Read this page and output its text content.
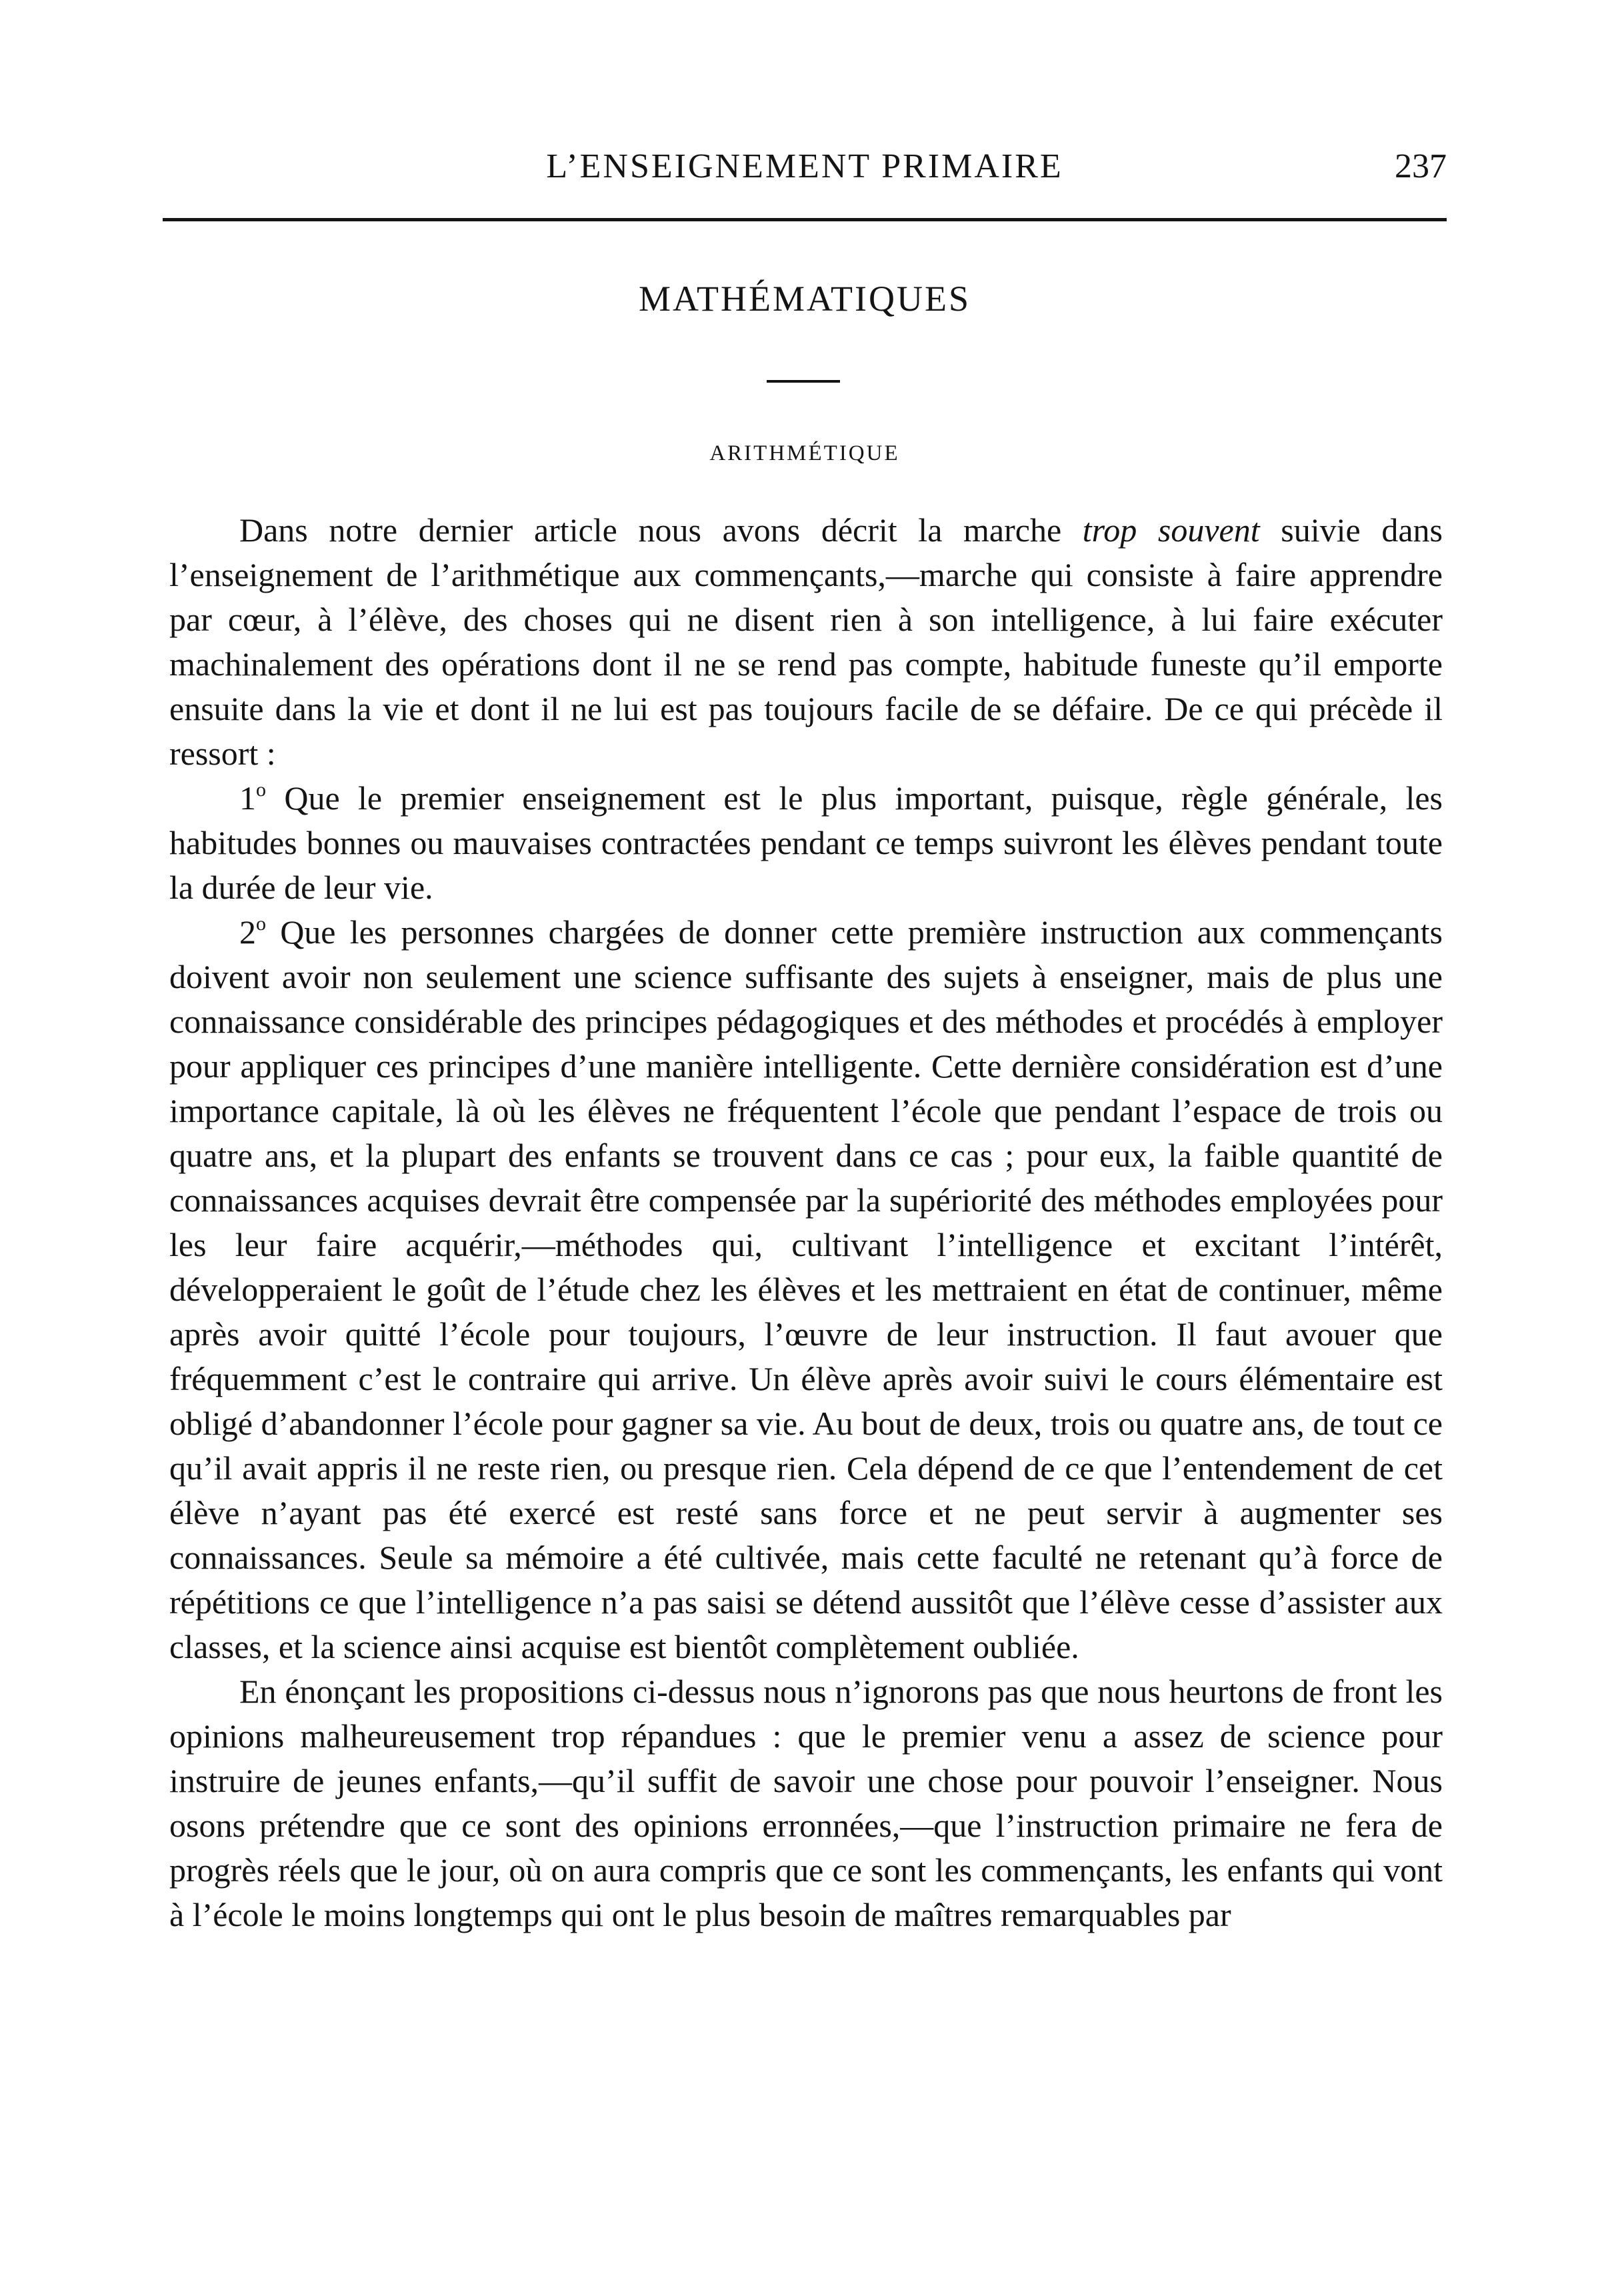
L’ENSEIGNEMENT PRIMAIRE	237
MATHÉMATIQUES
ARITHMÉTIQUE

Dans notre dernier article nous avons décrit la marche trop souvent suivie dans l’enseignement de l’arithmétique aux commençants,—marche qui consiste à faire apprendre par cœur, à l’élève, des choses qui ne disent rien à son intelligence, à lui faire exécuter machinalement des opérations dont il ne se rend pas compte, habitude funeste qu’il emporte ensuite dans la vie et dont il ne lui est pas toujours facile de se défaire. De ce qui précède il ressort :

1$^o$ Que le premier enseignement est le plus important, puisque, règle générale, les habitudes bonnes ou mauvaises contractées pendant ce temps suivront les élèves pendant toute la durée de leur vie.

2$^o$ Que les personnes chargées de donner cette première instruction aux commençants doivent avoir non seulement une science suffisante des sujets à enseigner, mais de plus une connaissance considérable des principes pédagogiques et des méthodes et procédés à employer pour appliquer ces principes d’une manière intelligente. Cette dernière considération est d’une importance capitale, là où les élèves ne fréquentent l’école que pendant l’espace de trois ou quatre ans, et la plupart des enfants se trouvent dans ce cas ; pour eux, la faible quantité de connaissances acquises devrait être compensée par la supériorité des méthodes employées pour les leur faire acquérir,—méthodes qui, cultivant l’intelligence et excitant l’intérêt, développeraient le goût de l’étude chez les élèves et les mettraient en état de continuer, même après avoir quitté l’école pour toujours, l’œuvre de leur instruction. Il faut avouer que fréquemment c’est le contraire qui arrive. Un élève après avoir suivi le cours élémentaire est obligé d’abandonner l’école pour gagner sa vie. Au bout de deux, trois ou quatre ans, de tout ce qu’il avait appris il ne reste rien, ou presque rien. Cela dépend de ce que l’entendement de cet élève n’ayant pas été exercé est resté sans force et ne peut servir à augmenter ses connaissances. Seule sa mémoire a été cultivée, mais cette faculté ne retenant qu’à force de répétitions ce que l’intelligence n’a pas saisi se détend aussitôt que l’élève cesse d’assister aux classes, et la science ainsi acquise est bientôt complètement oubliée.

En énonçant les propositions ci-dessus nous n’ignorons pas que nous heurtons de front les opinions malheureusement trop répandues : que le premier venu a assez de science pour instruire de jeunes enfants,—qu’il suffit de savoir une chose pour pouvoir l’enseigner. Nous osons prétendre que ce sont des opinions erronnées,—que l’instruction primaire ne fera de progrès réels que le jour, où on aura compris que ce sont les commençants, les enfants qui vont à l’école le moins longtemps qui ont le plus besoin de maîtres remarquables par
